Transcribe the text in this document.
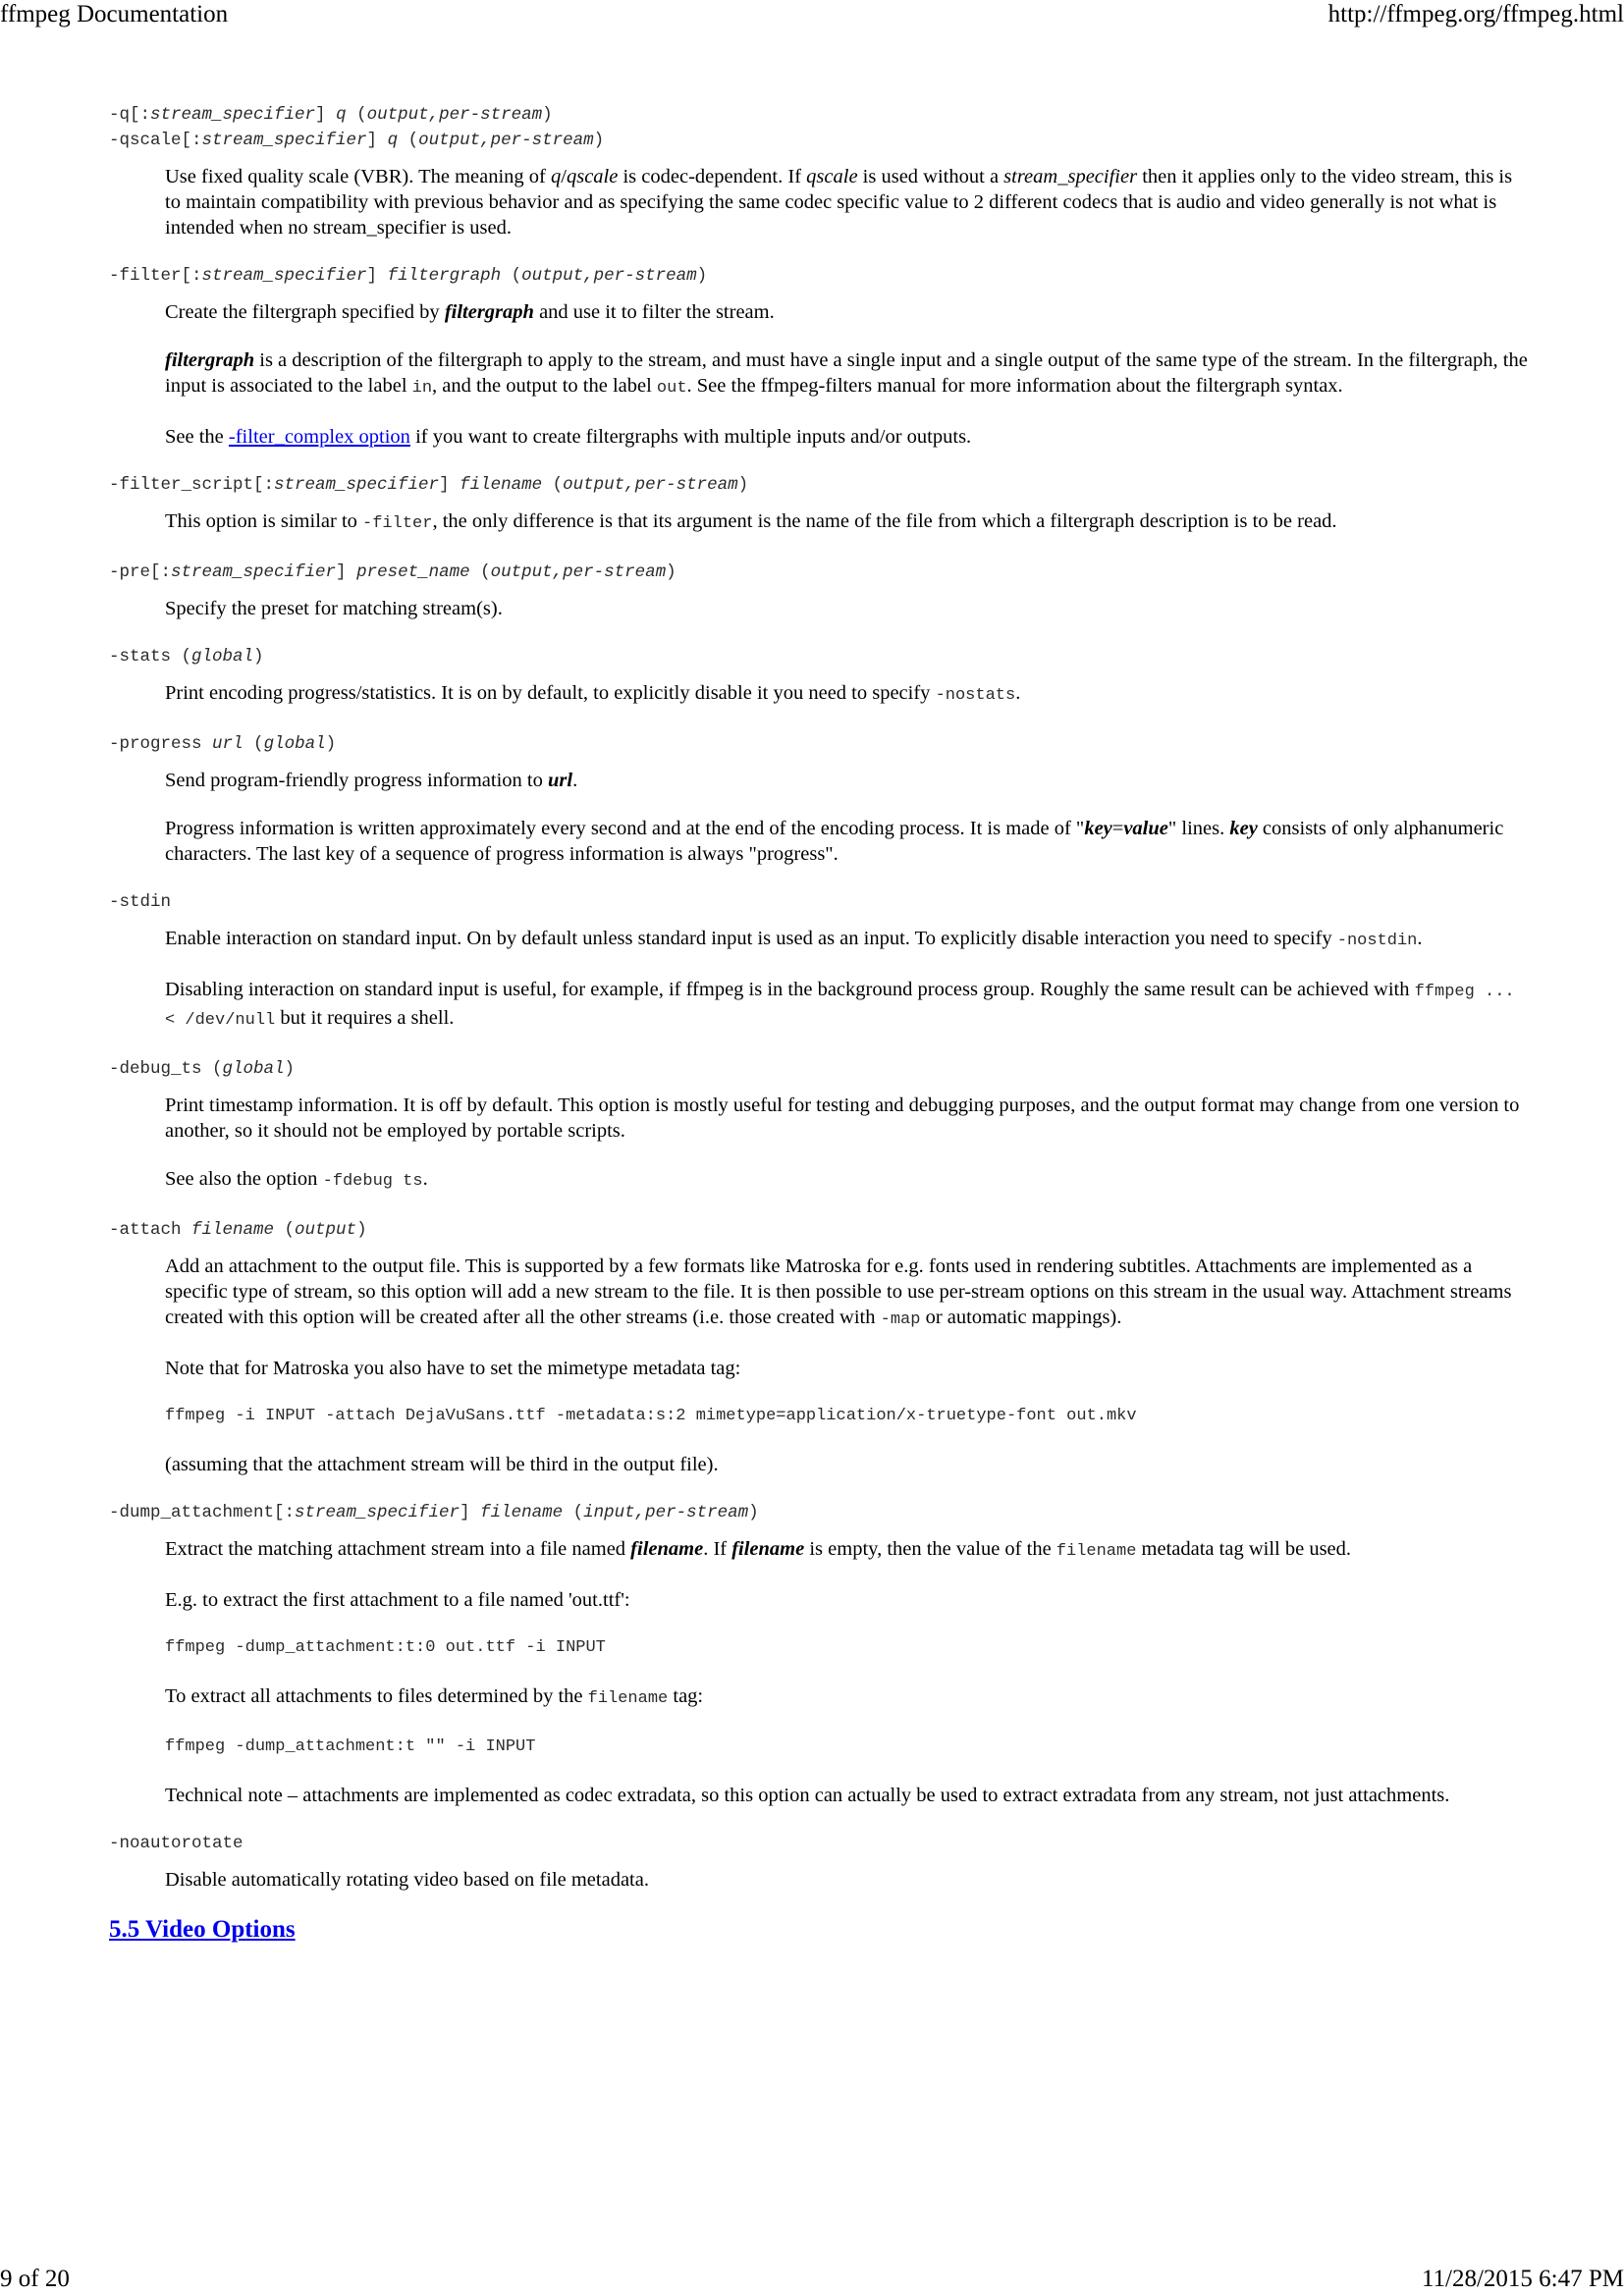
ffmpeg Documentation	http://ffmpeg.org/ffmpeg.html
-q[:stream_specifier] q (output,per-stream)
-qscale[:stream_specifier] q (output,per-stream)

Use fixed quality scale (VBR). The meaning of q/qscale is codec-dependent. If qscale is used without a stream_specifier then it applies only to the video stream, this is to maintain compatibility with previous behavior and as specifying the same codec specific value to 2 different codecs that is audio and video generally is not what is intended when no stream_specifier is used.

-filter[:stream_specifier] filtergraph (output,per-stream)

Create the filtergraph specified by filtergraph and use it to filter the stream.

filtergraph is a description of the filtergraph to apply to the stream, and must have a single input and a single output of the same type of the stream. In the filtergraph, the input is associated to the label in, and the output to the label out. See the ffmpeg-filters manual for more information about the filtergraph syntax.

See the -filter_complex option if you want to create filtergraphs with multiple inputs and/or outputs.

-filter_script[:stream_specifier] filename (output,per-stream)

This option is similar to -filter, the only difference is that its argument is the name of the file from which a filtergraph description is to be read.

-pre[:stream_specifier] preset_name (output,per-stream)

Specify the preset for matching stream(s).

-stats (global)

Print encoding progress/statistics. It is on by default, to explicitly disable it you need to specify -nostats.

-progress url (global)

Send program-friendly progress information to url.

Progress information is written approximately every second and at the end of the encoding process. It is made of "key=value" lines. key consists of only alphanumeric characters. The last key of a sequence of progress information is always "progress".

-stdin

Enable interaction on standard input. On by default unless standard input is used as an input. To explicitly disable interaction you need to specify -nostdin.

Disabling interaction on standard input is useful, for example, if ffmpeg is in the background process group. Roughly the same result can be achieved with ffmpeg ... < /dev/null but it requires a shell.

-debug_ts (global)

Print timestamp information. It is off by default. This option is mostly useful for testing and debugging purposes, and the output format may change from one version to another, so it should not be employed by portable scripts.

See also the option -fdebug ts.

-attach filename (output)

Add an attachment to the output file. This is supported by a few formats like Matroska for e.g. fonts used in rendering subtitles. Attachments are implemented as a specific type of stream, so this option will add a new stream to the file. It is then possible to use per-stream options on this stream in the usual way. Attachment streams created with this option will be created after all the other streams (i.e. those created with -map or automatic mappings).

Note that for Matroska you also have to set the mimetype metadata tag:

ffmpeg -i INPUT -attach DejaVuSans.ttf -metadata:s:2 mimetype=application/x-truetype-font out.mkv

(assuming that the attachment stream will be third in the output file).

-dump_attachment[:stream_specifier] filename (input,per-stream)

Extract the matching attachment stream into a file named filename. If filename is empty, then the value of the filename metadata tag will be used.

E.g. to extract the first attachment to a file named 'out.ttf':

ffmpeg -dump_attachment:t:0 out.ttf -i INPUT

To extract all attachments to files determined by the filename tag:

ffmpeg -dump_attachment:t "" -i INPUT

Technical note – attachments are implemented as codec extradata, so this option can actually be used to extract extradata from any stream, not just attachments.

-noautorotate

Disable automatically rotating video based on file metadata.

5.5 Video Options
9 of 20	11/28/2015 6:47 PM
